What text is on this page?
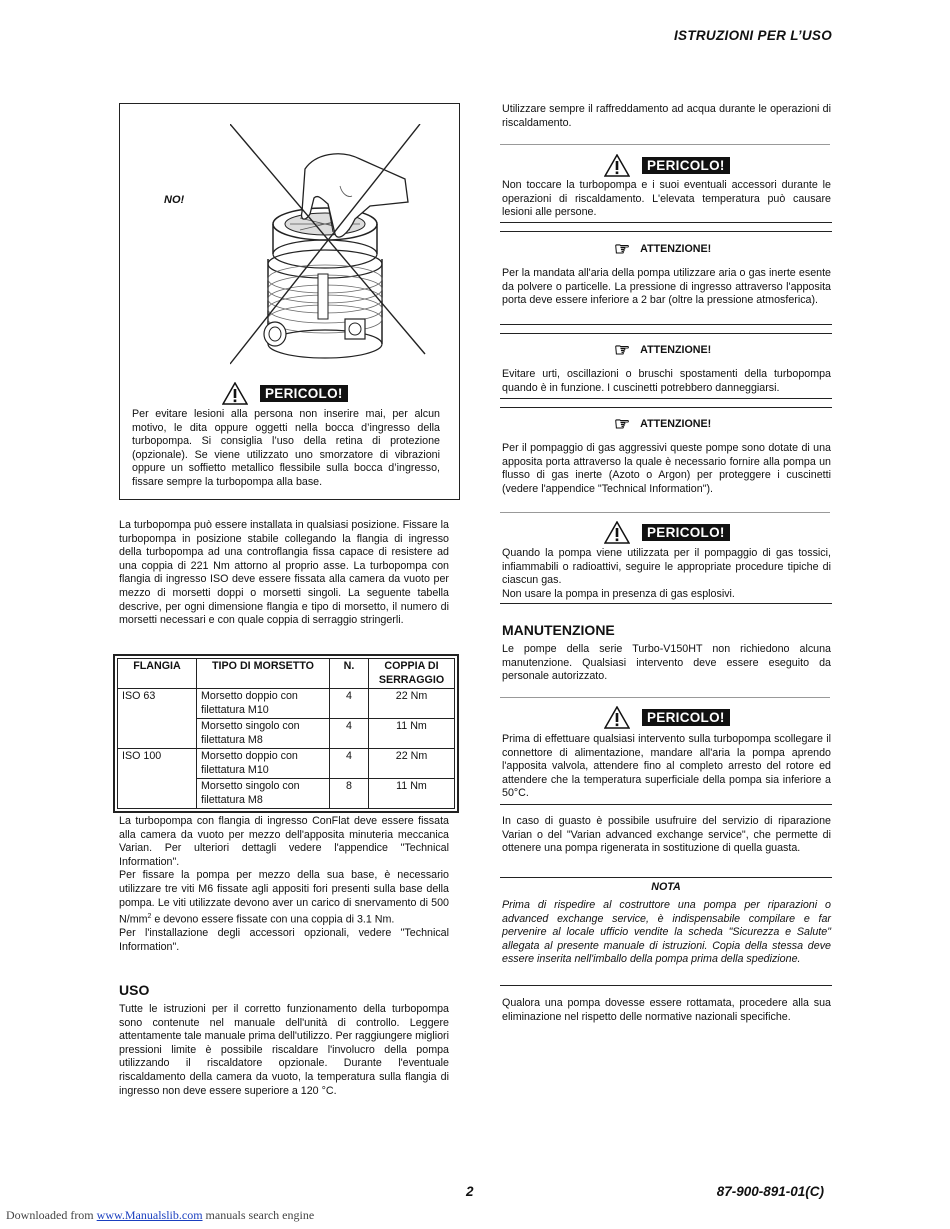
ISTRUZIONI PER L’USO
NO!
PERICOLO!

Per evitare lesioni alla persona non inserire mai, per alcun motivo, le dita oppure oggetti nella bocca d’ingresso della turbopompa. Si consiglia l’uso della retina di protezione (opzionale). Se viene utilizzato uno smorzatore di vibrazioni oppure un soffietto metallico flessibile sulla bocca d’ingresso, fissare sempre la turbopompa alla base.

La turbopompa può essere installata in qualsiasi posizione. Fissare la turbopompa in posizione stabile collegando la flangia di ingresso della turbopompa ad una controflangia fissa capace di resistere ad una coppia di 221 Nm attorno al proprio asse. La turbopompa con flangia di ingresso ISO deve essere fissata alla camera da vuoto per mezzo di morsetti doppi o morsetti singoli. La seguente tabella descrive, per ogni dimensione flangia e tipo di morsetto, il numero di morsetti necessari e con quale coppia di serraggio stringerli.

FLANGIA	TIPO DI MORSETTO	N.	COPPIA DI SERRAGGIO
ISO 63	Morsetto doppio con filettatura M10	4	22 Nm
	Morsetto singolo con filettatura M8	4	11 Nm
ISO 100	Morsetto doppio con filettatura M10	4	22 Nm
	Morsetto singolo con filettatura M8	8	11 Nm

La turbopompa con flangia di ingresso ConFlat deve essere fissata alla camera da vuoto per mezzo dell'apposita minuteria meccanica Varian. Per ulteriori dettagli vedere l'appendice "Technical Information".

Per fissare la pompa per mezzo della sua base, è necessario utilizzare tre viti M6 fissate agli appositi fori presenti sulla base della pompa. Le viti utilizzate devono aver un carico di snervamento di 500 $N/mm^2$ e devono essere fissate con una coppia di 3.1 Nm.

Per l'installazione degli accessori opzionali, vedere "Technical Information".

USO

Tutte le istruzioni per il corretto funzionamento della turbopompa sono contenute nel manuale dell'unità di controllo. Leggere attentamente tale manuale prima dell'utilizzo. Per raggiungere migliori pressioni limite è possibile riscaldare l'involucro della pompa utilizzando il riscaldatore opzionale. Durante l'eventuale riscaldamento della camera da vuoto, la temperatura sulla flangia di ingresso non deve essere superiore a 120 °C.

Utilizzare sempre il raffreddamento ad acqua durante le operazioni di riscaldamento.

PERICOLO!

Non toccare la turbopompa e i suoi eventuali accessori durante le operazioni di riscaldamento. L'elevata temperatura può causare lesioni alle persone.

☞ ATTENZIONE!

Per la mandata all'aria della pompa utilizzare aria o gas inerte esente da polvere o particelle. La pressione di ingresso attraverso l'apposita porta deve essere inferiore a 2 bar (oltre la pressione atmosferica).

☞ ATTENZIONE!

Evitare urti, oscillazioni o bruschi spostamenti della turbopompa quando è in funzione. I cuscinetti potrebbero danneggiarsi.

☞ ATTENZIONE!

Per il pompaggio di gas aggressivi queste pompe sono dotate di una apposita porta attraverso la quale è necessario fornire alla pompa un flusso di gas inerte (Azoto o Argon) per proteggere i cuscinetti (vedere l'appendice "Technical Information").

PERICOLO!

Quando la pompa viene utilizzata per il pompaggio di gas tossici, infiammabili o radioattivi, seguire le appropriate procedure tipiche di ciascun gas.

Non usare la pompa in presenza di gas esplosivi.

MANUTENZIONE

Le pompe della serie Turbo-V150HT non richiedono alcuna manutenzione. Qualsiasi intervento deve essere eseguito da personale autorizzato.

PERICOLO!

Prima di effettuare qualsiasi intervento sulla turbopompa scollegare il connettore di alimentazione, mandare all'aria la pompa aprendo l'apposita valvola, attendere fino al completo arresto del rotore ed attendere che la temperatura superficiale della pompa sia inferiore a 50°C.

In caso di guasto è possibile usufruire del servizio di riparazione Varian o del "Varian advanced exchange service", che permette di ottenere una pompa rigenerata in sostituzione di quella guasta.

NOTA

Prima di rispedire al costruttore una pompa per riparazioni o advanced exchange service, è indispensabile compilare e far pervenire al locale ufficio vendite la scheda "Sicurezza e Salute" allegata al presente manuale di istruzioni. Copia della stessa deve essere inserita nell'imballo della pompa prima della spedizione.

Qualora una pompa dovesse essere rottamata, procedere alla sua eliminazione nel rispetto delle normative nazionali specifiche.

2	87-900-891-01(C)
Downloaded from www.Manualslib.com manuals search engine
